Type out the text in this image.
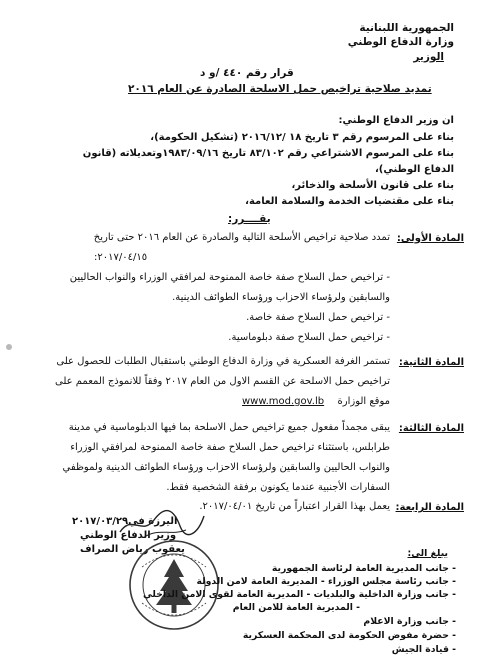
الجمهورية اللبنانية
وزارة الدفاع الوطني
الوزير
قرار رقم ٤٤٠ /و د
تمديد صلاحية تراخيص حمل الاسلحة الصادرة عن العام ٢٠١٦
ان وزير الدفاع الوطني:
بناء على المرسوم رقم ٣ تاريخ ١٨ /٢٠١٦/١٢ (تشكيل الحكومة)،
بناء على المرسوم الاشتراعي رقم ٨٣/١٠٢ تاريخ ١٩٨٣/٠٩/١٦وتعديلاته (قانون
الدفاع الوطني)،
بناء على قانون الأسلحة والذخائر،
بناء على مقتضيات الخدمة والسلامة العامة،
يقــــرر:
المادة الأولى:
تمدد صلاحية تراخيص الأسلحة التالية والصادرة عن العام ٢٠١٦ حتى تاريخ
٢٠١٧/٠٤/١٥:
- تراخيص حمل السلاح صفة خاصة الممنوحة لمرافقي الوزراء والنواب الحاليين
والسابقين ولرؤساء الاحزاب ورؤساء الطوائف الدينية.
- تراخيص حمل السلاح صفة خاصة.
- تراخيص حمل السلاح صفة دبلوماسية.
المادة الثانية:
تستمر الغرفة العسكرية في وزارة الدفاع الوطني باستقبال الطلبات للحصول على
تراخيص حمل الاسلحة عن القسم الاول من العام ٢٠١٧ وفقاً للانموذج المعمم على
موقع الوزارة
www.mod.gov.lb
المادة الثالثة:
يبقى مجمداً مفعول جميع تراخيص حمل الاسلحة بما فيها الدبلوماسية في مدينة
طرابلس، باستثناء تراخيص حمل السلاح صفة خاصة الممنوحة لمرافقي الوزراء
والنواب الحاليين والسابقين ولرؤساء الاحزاب ورؤساء الطوائف الدينية ولموظفي
السفارات الأجنبية عندما يكونون برفقة الشخصية فقط.
المادة الرابعة:
يعمل بهذا القرار اعتباراً من تاريخ ٢٠١٧/٠٤/٠١.
اليرزة في٢٠١٧/٠٣/٢٩
وزير الدفاع الوطني
يعقوب رياض الصراف	يبلغ الى:
- جانب المديرية العامة لرئاسة الجمهورية
- جانب رئاسة مجلس الوزراء - المديرية العامة لامن الدولة
- جانب وزارة الداخلية والبلديات - المديرية العامة لقوى الامن الداخلي
- المديرية العامة للامن العام
- جانب وزارة الاعلام
- حضرة مفوض الحكومة لدى المحكمة العسكرية
- قيادة الجيش
